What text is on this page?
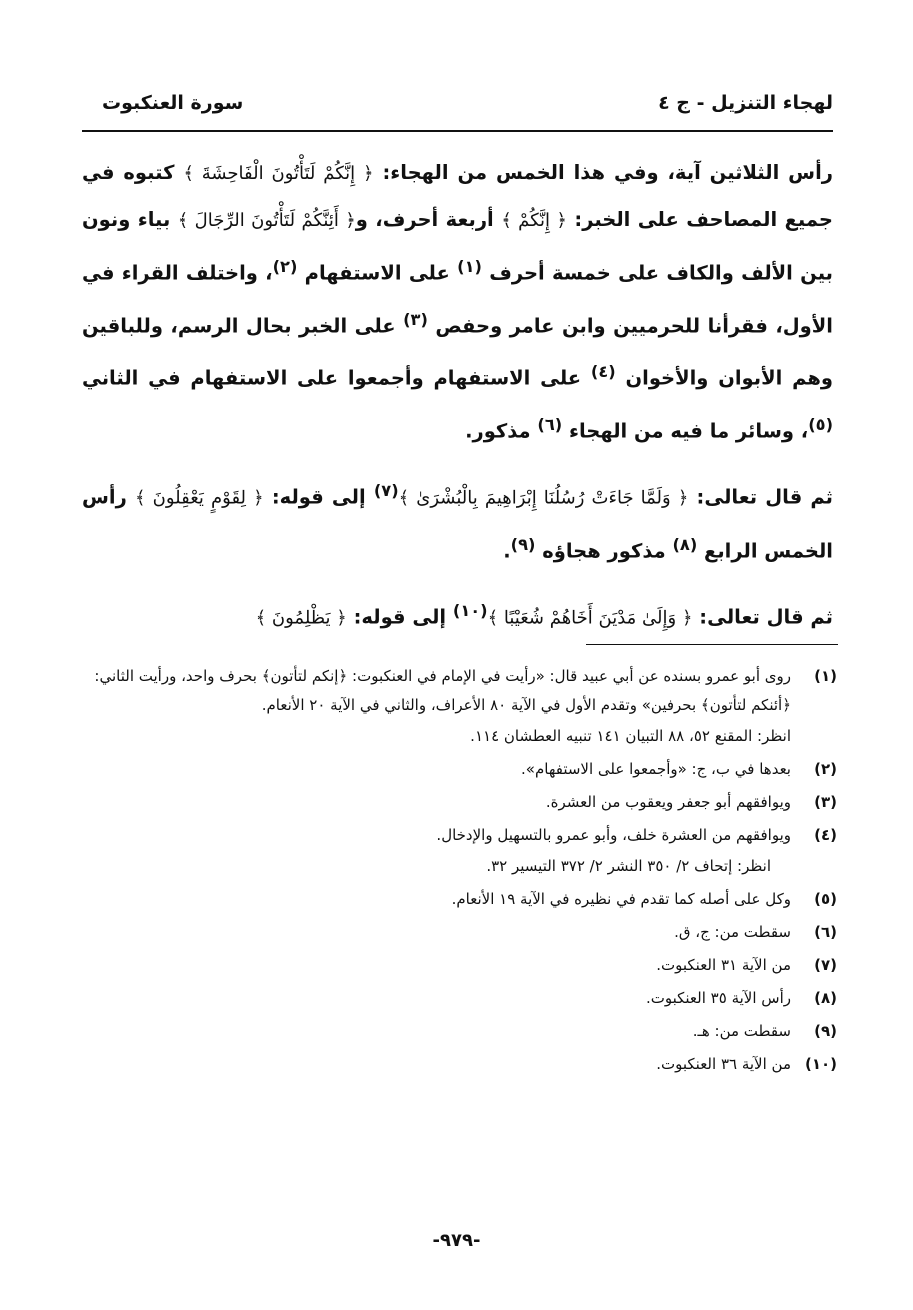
لهجاء التنزيل - ج ٤
سورة العنكبوت

رأس الثلاثين آية، وفي هذا الخمس من الهجاء: ﴿ إِنَّكُمْ لَتَأْتُونَ الْفَاحِشَةَ ﴾ كتبوه في جميع المصاحف على الخبر: ﴿ إِنَّكُمْ ﴾ أربعة أحرف، و﴿ أَئِنَّكُمْ لَتَأْتُونَ الرِّجَالَ ﴾ بياء ونون بين الألف والكاف على خمسة أحرف $^{(١)}$ على الاستفهام $^{(٢)}$، واختلف القراء في الأول، فقرأنا للحرميين وابن عامر وحفص $^{(٣)}$ على الخبر بحال الرسم، وللباقين وهم الأبوان والأخوان $^{(٤)}$ على الاستفهام وأجمعوا على الاستفهام في الثاني $^{(٥)}$، وسائر ما فيه من الهجاء $^{(٦)}$ مذكور.

ثم قال تعالى: ﴿ وَلَمَّا جَاءَتْ رُسُلُنَا إِبْرَاهِيمَ بِالْبُشْرَىٰ ﴾$^{(٧)}$ إلى قوله: ﴿ لِقَوْمٍ يَعْقِلُونَ ﴾ رأس الخمس الرابع $^{(٨)}$ مذكور هجاؤه $^{(٩)}$.

ثم قال تعالى: ﴿ وَإِلَىٰ مَدْيَنَ أَخَاهُمْ شُعَيْبًا ﴾$^{(١٠)}$ إلى قوله: ﴿ يَظْلِمُونَ ﴾

(١)
روى أبو عمرو بسنده عن أبي عبيد قال: «رأيت في الإمام في العنكبوت: ﴿إنكم لتأتون﴾ بحرف واحد، ورأيت الثاني: ﴿أئنكم لتأتون﴾ بحرفين» وتقدم الأول في الآية ٨٠ الأعراف، والثاني في الآية ٢٠ الأنعام.
انظر: المقنع ٥٢، ٨٨ التبيان ١٤١ تنبيه العطشان ١١٤.
(٢)
بعدها في ب، ج: «وأجمعوا على الاستفهام».
(٣)
ويوافقهم أبو جعفر ويعقوب من العشرة.
(٤)
ويوافقهم من العشرة خلف، وأبو عمرو بالتسهيل والإدخال.
انظر: إتحاف ٢/ ٣٥٠ النشر ٢/ ٣٧٢ التيسير ٣٢.
(٥)
وكل على أصله كما تقدم في نظيره في الآية ١٩ الأنعام.
(٦)
سقطت من: ج، ق.
(٧)
من الآية ٣١ العنكبوت.
(٨)
رأس الآية ٣٥ العنكبوت.
(٩)
سقطت من: هـ.
(١٠)
من الآية ٣٦ العنكبوت.
-٩٧٩-
